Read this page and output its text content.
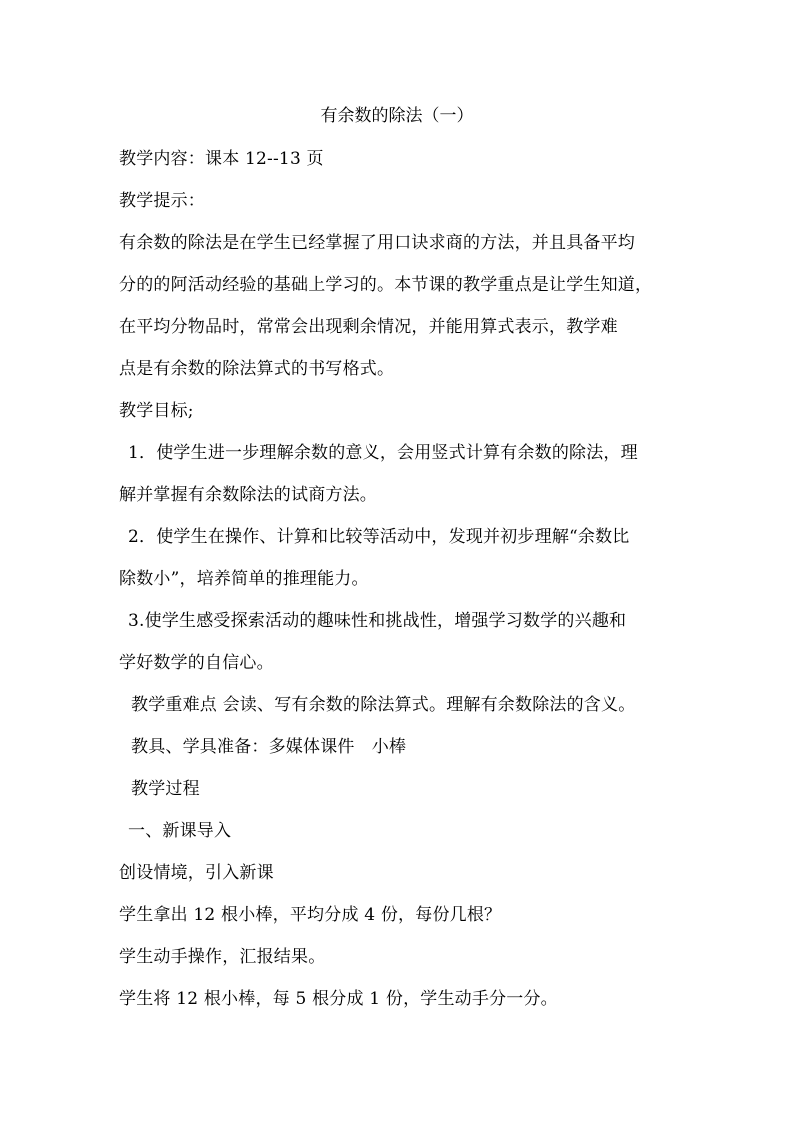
有余数的除法（一）
教学内容：课本 12--13 页
教学提示：
有余数的除法是在学生已经掌握了用口诀求商的方法，并且具备平均
分的的阿活动经验的基础上学习的。本节课的教学重点是让学生知道，
在平均分物品时，常常会出现剩余情况，并能用算式表示，教学难
点是有余数的除法算式的书写格式。
教学目标;
1．使学生进一步理解余数的意义，会用竖式计算有余数的除法，理
解并掌握有余数除法的试商方法。
2．使学生在操作、计算和比较等活动中，发现并初步理解“余数比
除数小”，培养简单的推理能力。
3.使学生感受探索活动的趣味性和挑战性，增强学习数学的兴趣和
学好数学的自信心。
教学重难点 会读、写有余数的除法算式。理解有余数除法的含义。
教具、学具准备：多媒体课件　小棒
教学过程
一、新课导入
创设情境，引入新课
学生拿出 12 根小棒，平均分成 4 份，每份几根？
学生动手操作，汇报结果。
学生将 12 根小棒，每 5 根分成 1 份，学生动手分一分。
